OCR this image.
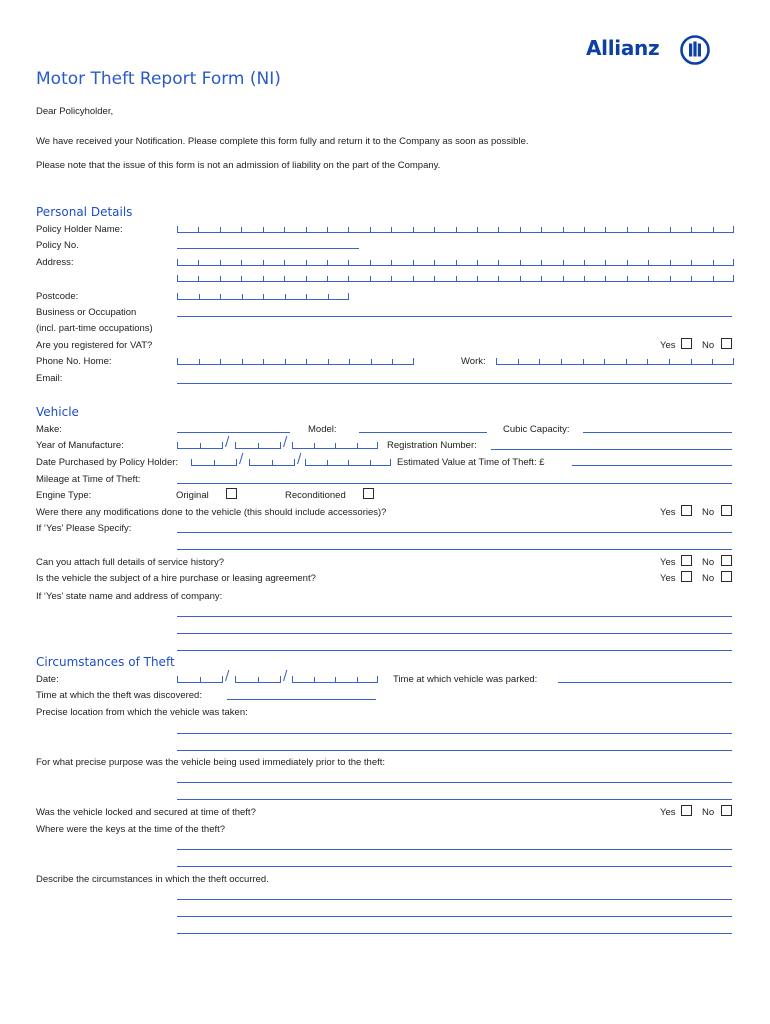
Allianz
Motor Theft Report Form (NI)
Dear Policyholder,
We have received your Notification. Please complete this form fully and return it to the Company as soon as possible.
Please note that the issue of this form is not an admission of liability on the part of the Company.
Personal Details
Policy Holder Name:
Policy No.
Address:
Postcode:
Business or Occupation
(incl. part-time occupations)
Are you registered for VAT?	Yes	No
Phone No. Home:	Work:
Email:
Vehicle
Make:	Model:	Cubic Capacity:
Year of Manufacture:	/	/	Registration Number:
Date Purchased by Policy Holder:	/	/	Estimated Value at Time of Theft: £
Mileage at Time of Theft:
Engine Type:	Original	Reconditioned
Were there any modifications done to the vehicle (this should include accessories)?	Yes	No
If ‘Yes’ Please Specify:
Can you attach full details of service history?	Yes	No
Is the vehicle the subject of a hire purchase or leasing agreement?	Yes	No
If ‘Yes’ state name and address of company:
Circumstances of Theft
Date:	/	/	Time at which vehicle was parked:
Time at which the theft was discovered:
Precise location from which the vehicle was taken:
For what precise purpose was the vehicle being used immediately prior to the theft:
Was the vehicle locked and secured at time of theft?	Yes	No
Where were the keys at the time of the theft?
Describe the circumstances in which the theft occurred.
